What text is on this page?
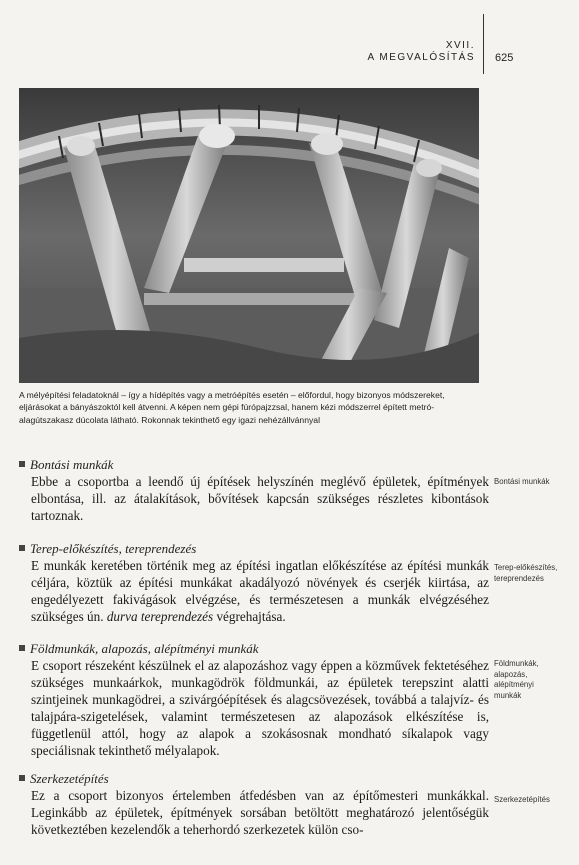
XVII.
A MEGVALÓSÍTÁS 625
A mélyépítési feladatoknál – így a hídépítés vagy a metróépítés esetén – előfordul, hogy bizonyos módszereket, eljárásokat a bányászoktól kell átvenni. A képen nem gépi fúrópajzzsal, hanem kézi módszerrel épített metró-alagútszakasz dúcolata látható. Rokonnak tekinthető egy igazi nehézállvánnyal
Bontási munkák
Ebbe a csoportba a leendő új építések helyszínén meglévő épületek, építmények elbontása, ill. az átalakítások, bővítések kapcsán szükséges részletes kibontások tartoznak.
Bontási munkák
Terep-előkészítés, tereprendezés
E munkák keretében történik meg az építési ingatlan előkészítése az építési munkák céljára, köztük az építési munkákat akadályozó növények és cserjék kiirtása, az engedélyezett fakivágások elvégzése, és természetesen a munkák elvégzéséhez szükséges ún. durva tereprendezés végrehajtása.
Terep-előkészítés, tereprendezés
Földmunkák, alapozás, alépítményi munkák
E csoport részeként készülnek el az alapozáshoz vagy éppen a közművek fektetéséhez szükséges munkaárkok, munkagödrök földmunkái, az épületek terepszint alatti szintjeinek munkagödrei, a szivárgóépítések és alagcsövezések, továbbá a talajvíz- és talajpára-szigetelések, valamint természetesen az alapozások elkészítése is, függetlenül attól, hogy az alapok a szokásosnak mondható síkalapok vagy speciálisnak tekinthető mélyalapok.
Földmunkák, alapozás, alépítményi munkák
Szerkezetépítés
Ez a csoport bizonyos értelemben átfedésben van az építőmesteri munkákkal. Leginkább az épületek, építmények sorsában betöltött meghatározó jelentőségük következtében kezelendők a teherhordó szerkezetek külön cso-
Szerkezetépítés
